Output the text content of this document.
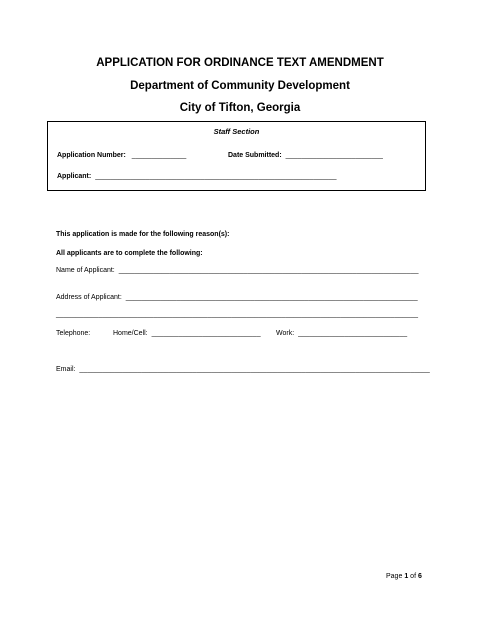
APPLICATION FOR ORDINANCE TEXT AMENDMENT
Department of Community Development
City of Tifton, Georgia
Staff Section
Application Number: ______________	Date Submitted: _________________________
Applicant: ______________________________________________________________
This application is made for the following reason(s):
All applicants are to complete the following:
Name of Applicant: _____________________________________________________________________________
Address of Applicant: ___________________________________________________________________________
_____________________________________________________________________________________________
Telephone:	Home/Cell: ____________________________ Work: ____________________________
Email: __________________________________________________________________________________________
Page 1 of 6
